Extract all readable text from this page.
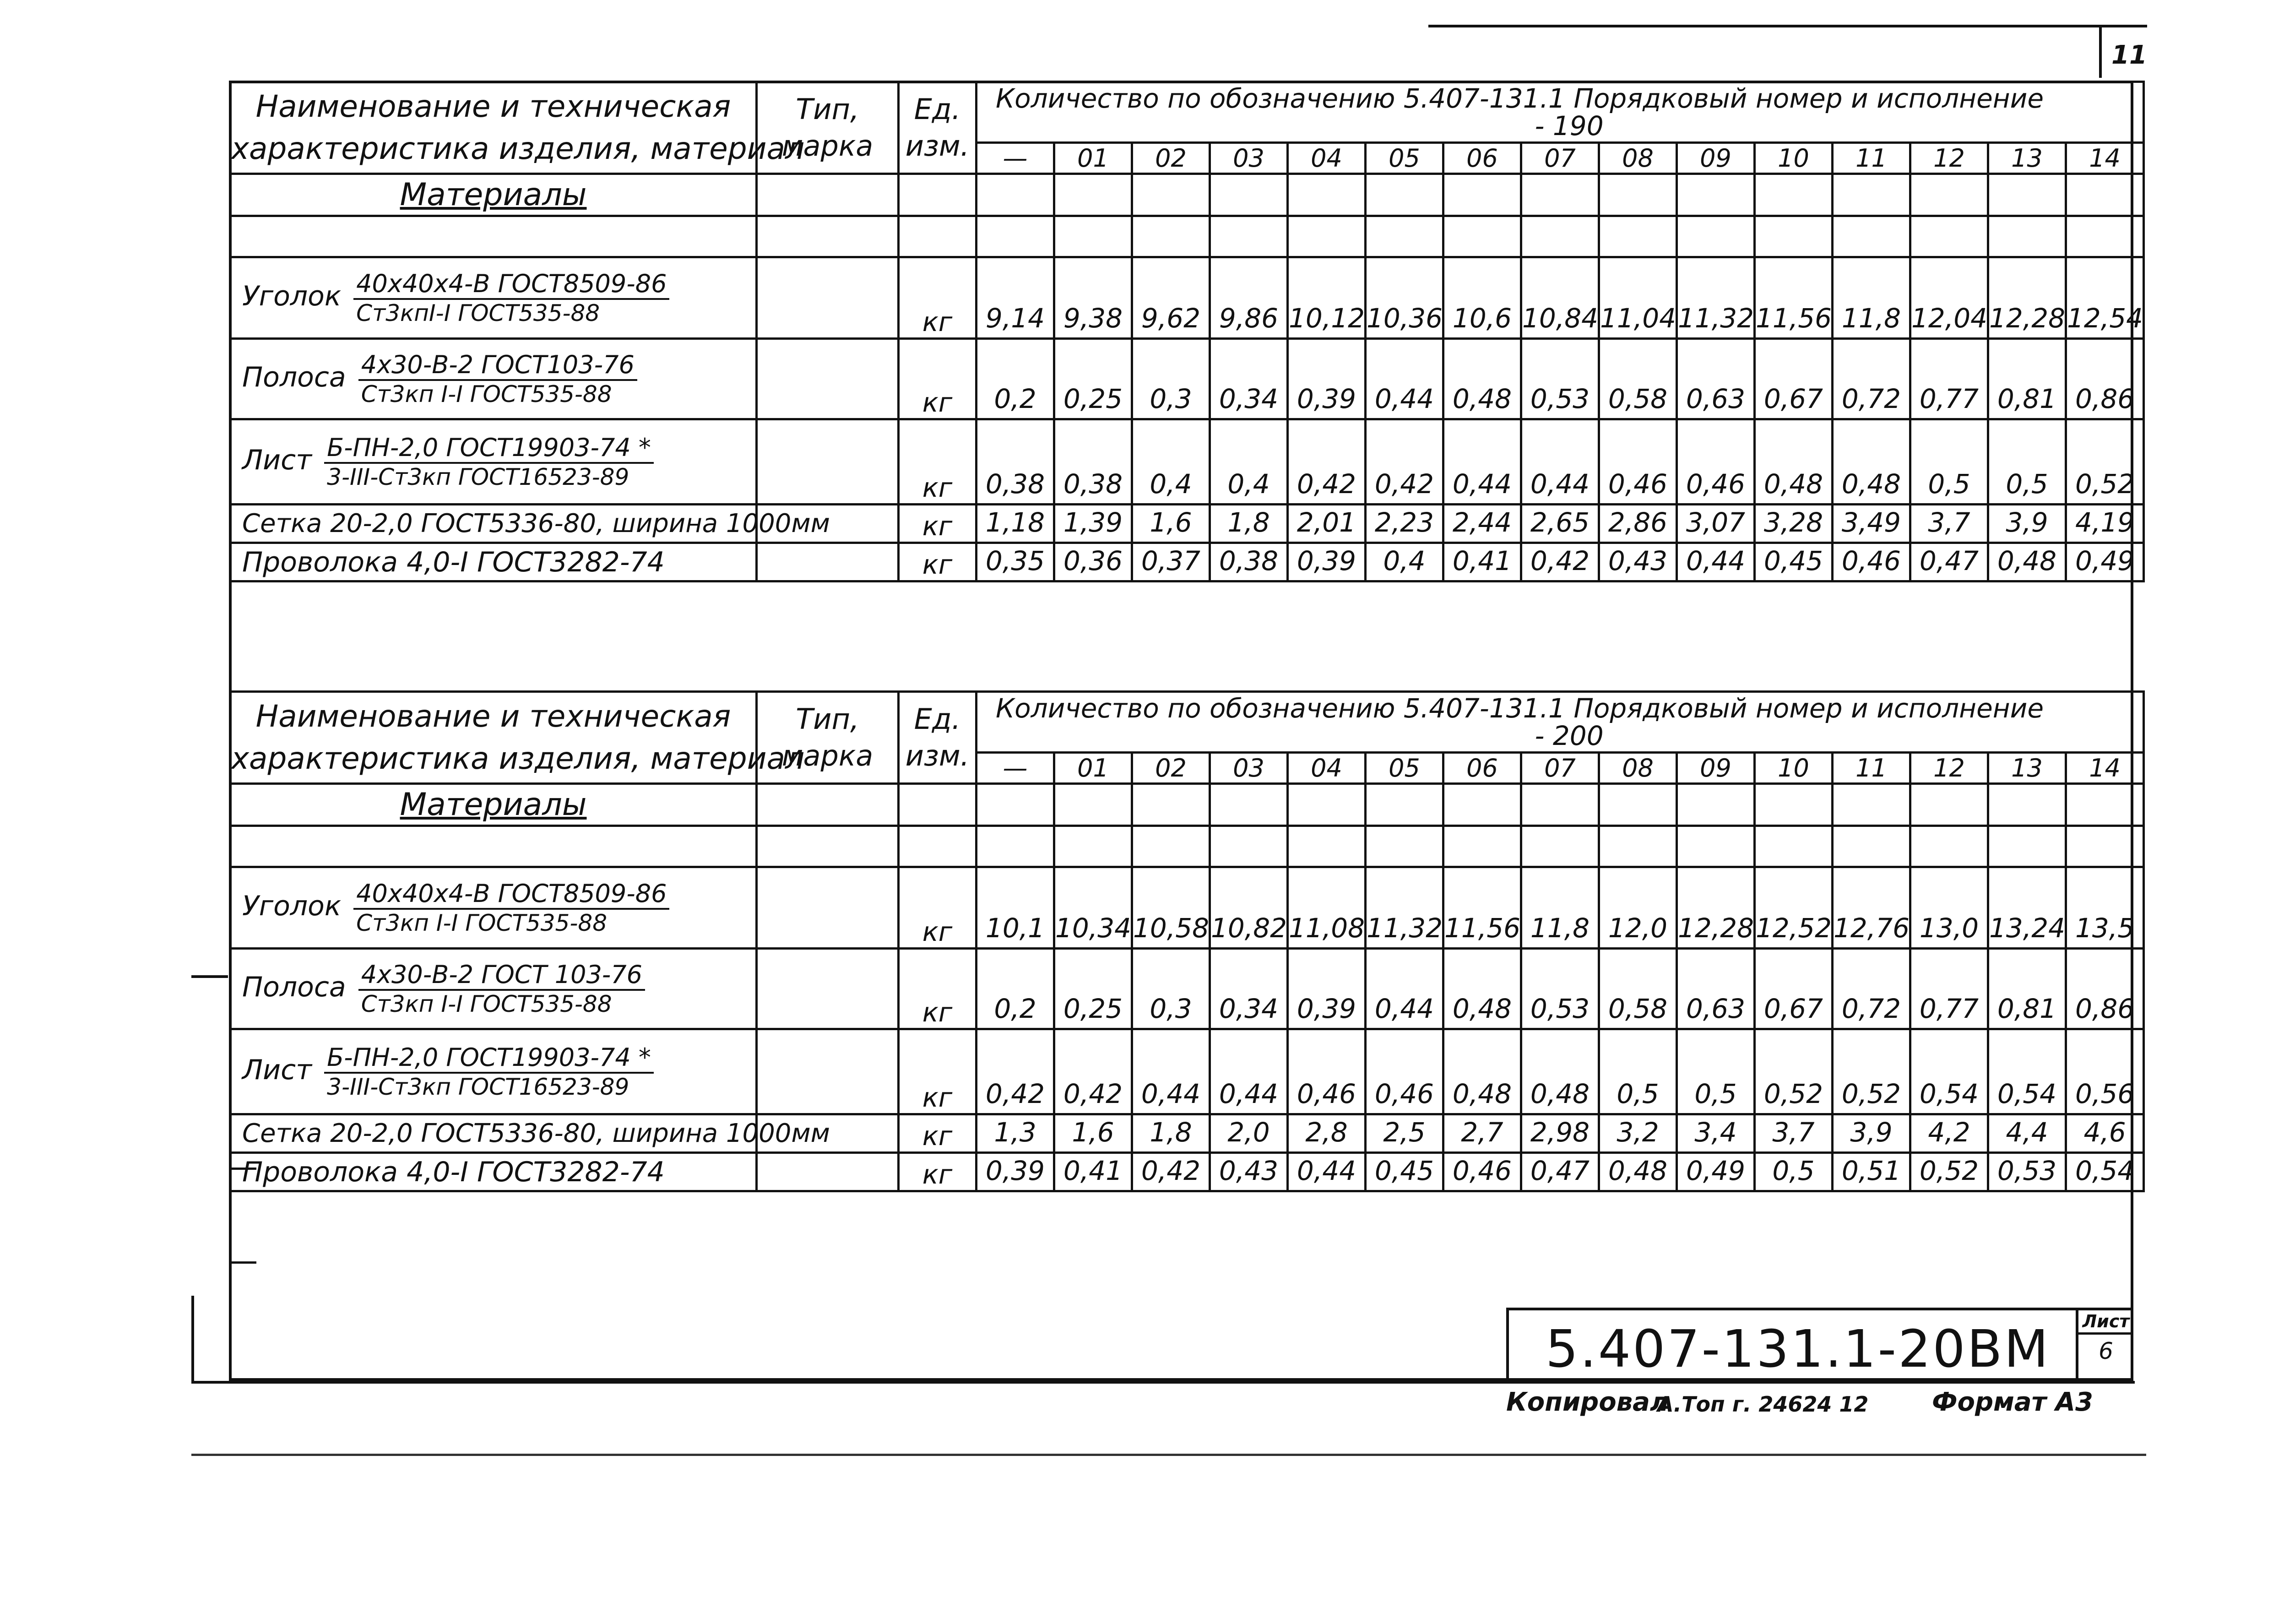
11
Наименование и техническая
характеристика изделия, материал	Тип,
марка	Ед.
изм.	Количество по обозначению 5.407-131.1 Порядковый номер и исполнение
- 190														

			—	01	02	03	04	05	06	07	08	09	10	11	12	13	14
Материалы																	

Уголок $\frac{\text{40х40х4-В ГОСТ8509-86}}{\text{Ст3кпI-I ГОСТ535-88}}$		кг	9,14	9,38	9,62	9,86	10,12	10,36	10,6	10,84	11,04	11,32	11,56	11,8	12,04	12,28	12,54
Полоса $\frac{\text{4х30-В-2 ГОСТ103-76}}{\text{Ст3кп I-I ГОСТ535-88}}$		кг	0,2	0,25	0,3	0,34	0,39	0,44	0,48	0,53	0,58	0,63	0,67	0,72	0,77	0,81	0,86
Лист $\frac{\text{Б-ПН-2,0 ГОСТ19903-74 *}}{\text{3-III-Ст3кп ГОСТ16523-89}}$		кг	0,38	0,38	0,4	0,4	0,42	0,42	0,44	0,44	0,46	0,46	0,48	0,48	0,5	0,5	0,52
Сетка 20-2,0 ГОСТ5336-80, ширина 1000мм		кг	1,18	1,39	1,6	1,8	2,01	2,23	2,44	2,65	2,86	3,07	3,28	3,49	3,7	3,9	4,19
Проволока 4,0-I ГОСТ3282-74		кг	0,35	0,36	0,37	0,38	0,39	0,4	0,41	0,42	0,43	0,44	0,45	0,46	0,47	0,48	0,49
Наименование и техническая
характеристика изделия, материал	Тип,
марка	Ед.
изм.	Количество по обозначению 5.407-131.1 Порядковый номер и исполнение
- 200														

			—	01	02	03	04	05	06	07	08	09	10	11	12	13	14
Материалы																	

Уголок $\frac{\text{40х40х4-В ГОСТ8509-86}}{\text{Ст3кп I-I ГОСТ535-88}}$		кг	10,1	10,34	10,58	10,82	11,08	11,32	11,56	11,8	12,0	12,28	12,52	12,76	13,0	13,24	13,5
Полоса $\frac{\text{4х30-В-2 ГОСТ 103-76}}{\text{Ст3кп I-I ГОСТ535-88}}$		кг	0,2	0,25	0,3	0,34	0,39	0,44	0,48	0,53	0,58	0,63	0,67	0,72	0,77	0,81	0,86
Лист $\frac{\text{Б-ПН-2,0 ГОСТ19903-74 *}}{\text{3-III-Ст3кп ГОСТ16523-89}}$		кг	0,42	0,42	0,44	0,44	0,46	0,46	0,48	0,48	0,5	0,5	0,52	0,52	0,54	0,54	0,56
Сетка 20-2,0 ГОСТ5336-80, ширина 1000мм		кг	1,3	1,6	1,8	2,0	2,8	2,5	2,7	2,98	3,2	3,4	3,7	3,9	4,2	4,4	4,6
Проволока 4,0-I ГОСТ3282-74		кг	0,39	0,41	0,42	0,43	0,44	0,45	0,46	0,47	0,48	0,49	0,5	0,51	0,52	0,53	0,54
5.407-131.1-20ВМ Лист
6
Копировал
А.Топ г. 24624 12 Формат А3
